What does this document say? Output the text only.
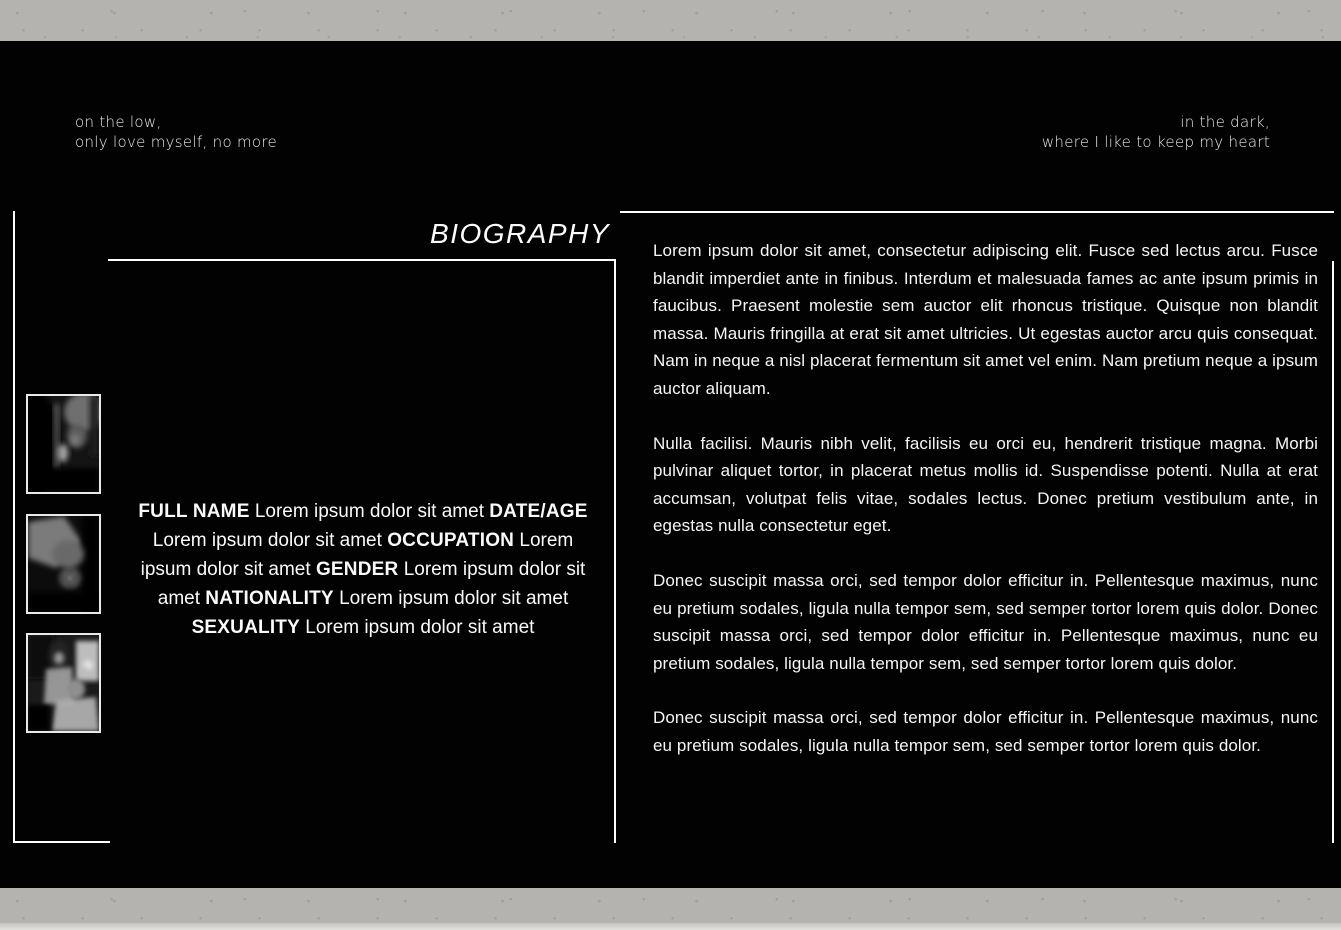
on the low,
only love myself, no more
in the dark,
where I like to keep my heart
BIOGRAPHY

FULL NAME Lorem ipsum dolor sit amet DATE/AGE Lorem ipsum dolor sit amet OCCUPATION Lorem ipsum dolor sit amet GENDER Lorem ipsum dolor sit amet NATIONALITY Lorem ipsum dolor sit amet SEXUALITY Lorem ipsum dolor sit amet

Lorem ipsum dolor sit amet, consectetur adipiscing elit. Fusce sed lectus arcu. Fusce blandit imperdiet ante in finibus. Interdum et malesuada fames ac ante ipsum primis in faucibus. Praesent molestie sem auctor elit rhoncus tristique. Quisque non blandit massa. Mauris fringilla at erat sit amet ultricies. Ut egestas auctor arcu quis consequat. Nam in neque a nisl placerat fermentum sit amet vel enim. Nam pretium neque a ipsum auctor aliquam.

Nulla facilisi. Mauris nibh velit, facilisis eu orci eu, hendrerit tristique magna. Morbi pulvinar aliquet tortor, in placerat metus mollis id. Suspendisse potenti. Nulla at erat accumsan, volutpat felis vitae, sodales lectus. Donec pretium vestibulum ante, in egestas nulla consectetur eget.

Donec suscipit massa orci, sed tempor dolor efficitur in. Pellentesque maximus, nunc eu pretium sodales, ligula nulla tempor sem, sed semper tortor lorem quis dolor. Donec suscipit massa orci, sed tempor dolor efficitur in. Pellentesque maximus, nunc eu pretium sodales, ligula nulla tempor sem, sed semper tortor lorem quis dolor.

Donec suscipit massa orci, sed tempor dolor efficitur in. Pellentesque maximus, nunc eu pretium sodales, ligula nulla tempor sem, sed semper tortor lorem quis dolor.
